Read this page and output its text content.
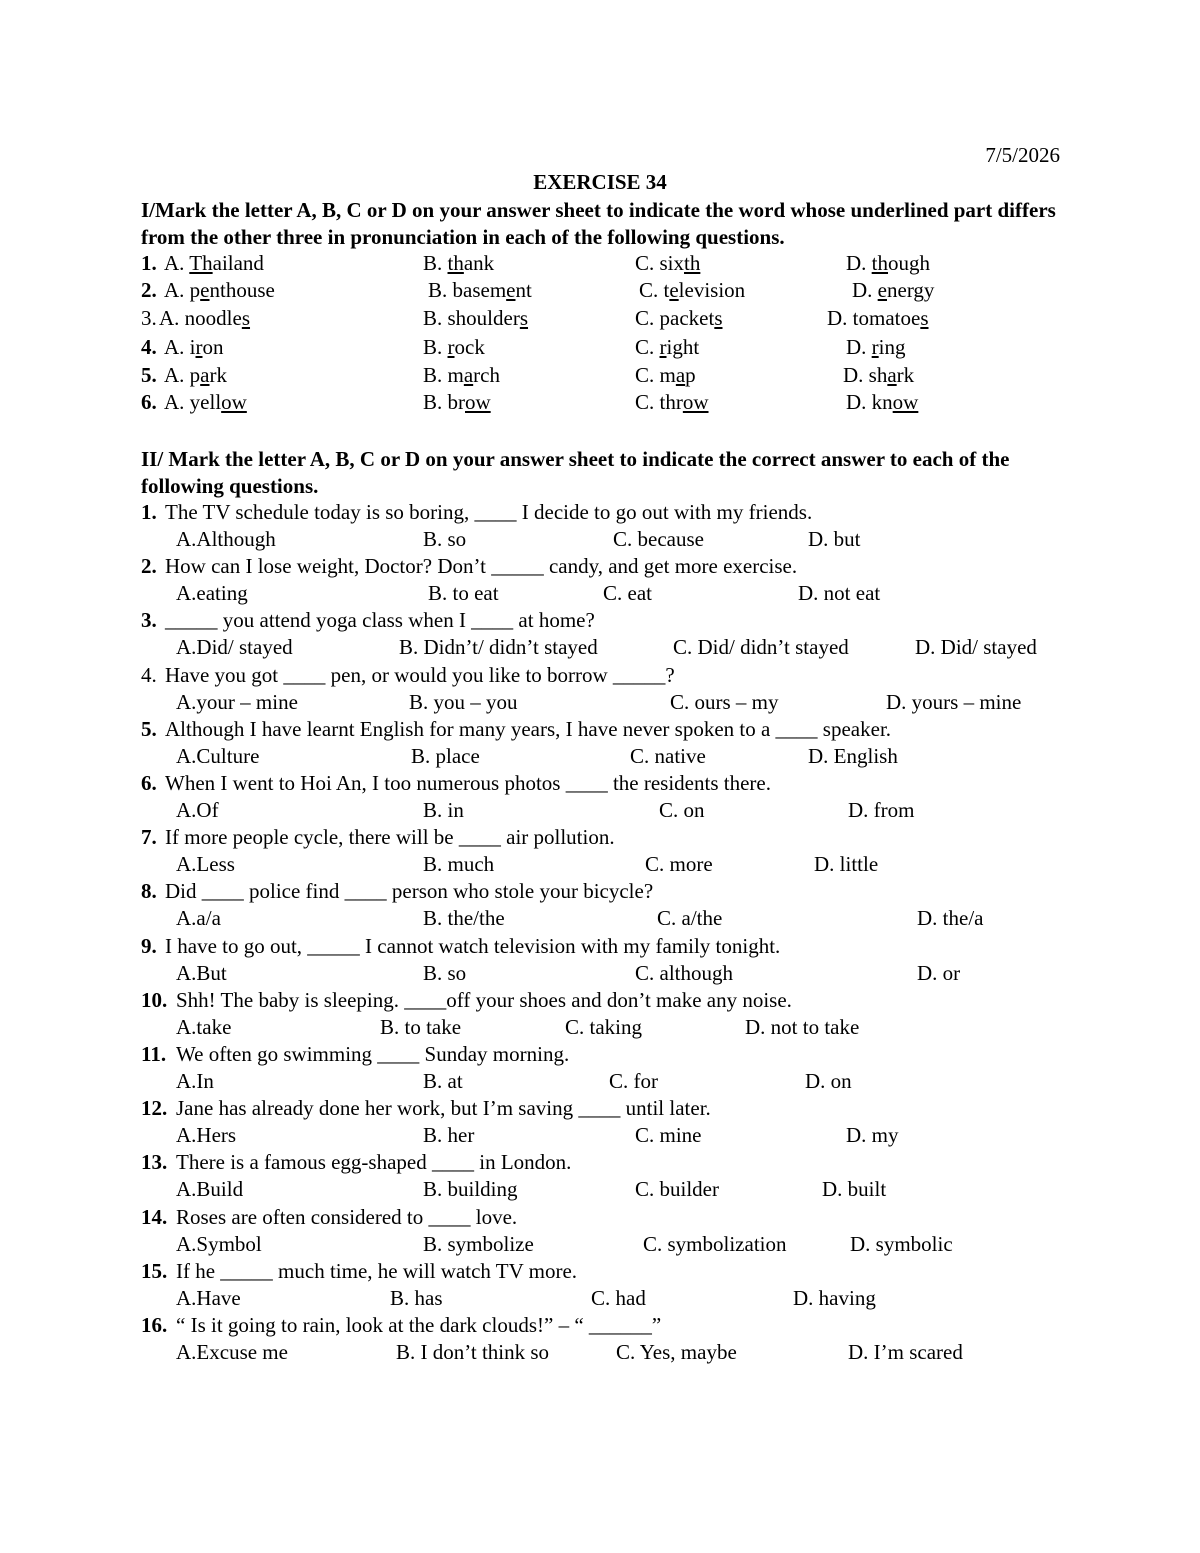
7/5/2026
EXERCISE 34
I/Mark the letter A, B, C or D on your answer sheet to indicate the word whose underlined part differs from the other three in pronunciation in each of the following questions.
1. A. Thailand	B. thank	C. sixth	D. though
2. A. penthouse	B. basement	C. television	D. energy
3. A. noodles	B. shoulders	C. packets	D. tomatoes
4. A. iron	B. rock	C. right	D. ring
5. A. park	B. march	C. map	D. shark
6. A. yellow	B. brow	C. throw	D. know
II/ Mark the letter A, B, C or D on your answer sheet to indicate the correct answer to each of the following questions.
1. The TV schedule today is so boring, ____ I decide to go out with my friends.
A.Although	B. so	C. because	D. but
2. How can I lose weight, Doctor? Don’t _____ candy, and get more exercise.
A.eating	B. to eat	C. eat	D. not eat
3. _____ you attend yoga class when I ____ at home?
A.Did/ stayed	B. Didn’t/ didn’t stayed	C. Did/ didn’t stayed	D. Did/ stayed
4. Have you got ____ pen, or would you like to borrow _____?
A.your – mine	B. you – you	C. ours – my	D. yours – mine
5. Although I have learnt English for many years, I have never spoken to a ____ speaker.
A.Culture	B. place	C. native	D. English
6. When I went to Hoi An, I too numerous photos ____ the residents there.
A.Of	B. in	C. on	D. from
7. If more people cycle, there will be ____ air pollution.
A.Less	B. much	C. more	D. little
8. Did ____ police find ____ person who stole your bicycle?
A.a/a	B. the/the	C. a/the	D. the/a
9. I have to go out, _____ I cannot watch television with my family tonight.
A.But	B. so	C. although	D. or
10. Shh! The baby is sleeping. ____off your shoes and don’t make any noise.
A.take	B. to take	C. taking	D. not to take
11. We often go swimming ____ Sunday morning.
A.In	B. at	C. for	D. on
12. Jane has already done her work, but I’m saving ____ until later.
A.Hers	B. her	C. mine	D. my
13. There is a famous egg-shaped ____ in London.
A.Build	B. building	C. builder	D. built
14. Roses are often considered to ____ love.
A.Symbol	B. symbolize	C. symbolization	D. symbolic
15. If he _____ much time, he will watch TV more.
A.Have	B. has	C. had	D. having
16. “ Is it going to rain, look at the dark clouds!” – “ ______”
A.Excuse me	B. I don’t think so	C. Yes, maybe	D. I’m scared
